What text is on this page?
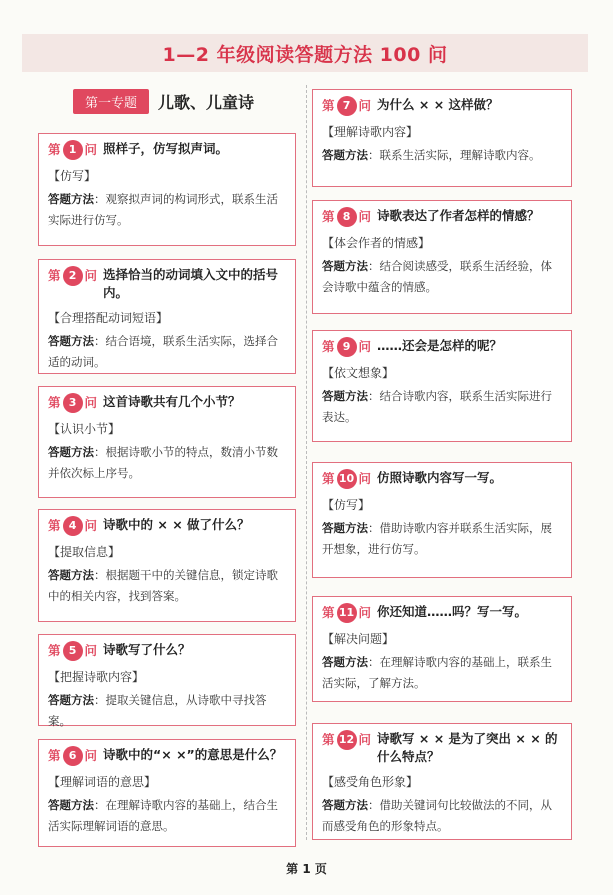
1—2 年级阅读答题方法 100 问
第一专题	儿歌、儿童诗
第 1 问 照样子，仿写拟声词。
【仿写】
答题方法：观察拟声词的构词形式，联系生活实际进行仿写。
第 2 问 选择恰当的动词填入文中的括号内。
【合理搭配动词短语】
答题方法：结合语境，联系生活实际，选择合适的动词。
第 3 问 这首诗歌共有几个小节？
【认识小节】
答题方法：根据诗歌小节的特点，数清小节数并依次标上序号。
第 4 问 诗歌中的 × × 做了什么？
【提取信息】
答题方法：根据题干中的关键信息，锁定诗歌中的相关内容，找到答案。
第 5 问 诗歌写了什么？
【把握诗歌内容】
答题方法：提取关键信息，从诗歌中寻找答案。
第 6 问 诗歌中的“× ×”的意思是什么？
【理解词语的意思】
答题方法：在理解诗歌内容的基础上，结合生活实际理解词语的意思。
第 7 问 为什么 × × 这样做？
【理解诗歌内容】
答题方法：联系生活实际，理解诗歌内容。
第 8 问 诗歌表达了作者怎样的情感？
【体会作者的情感】
答题方法：结合阅读感受，联系生活经验，体会诗歌中蕴含的情感。
第 9 问 ……还会是怎样的呢？
【依文想象】
答题方法：结合诗歌内容，联系生活实际进行表达。
第 10 问 仿照诗歌内容写一写。
【仿写】
答题方法：借助诗歌内容并联系生活实际，展开想象，进行仿写。
第 11 问 你还知道……吗？写一写。
【解决问题】
答题方法：在理解诗歌内容的基础上，联系生活实际，了解方法。
第 12 问 诗歌写 × × 是为了突出 × × 的什么特点？
【感受角色形象】
答题方法：借助关键词句比较做法的不同，从而感受角色的形象特点。
第 1 页
